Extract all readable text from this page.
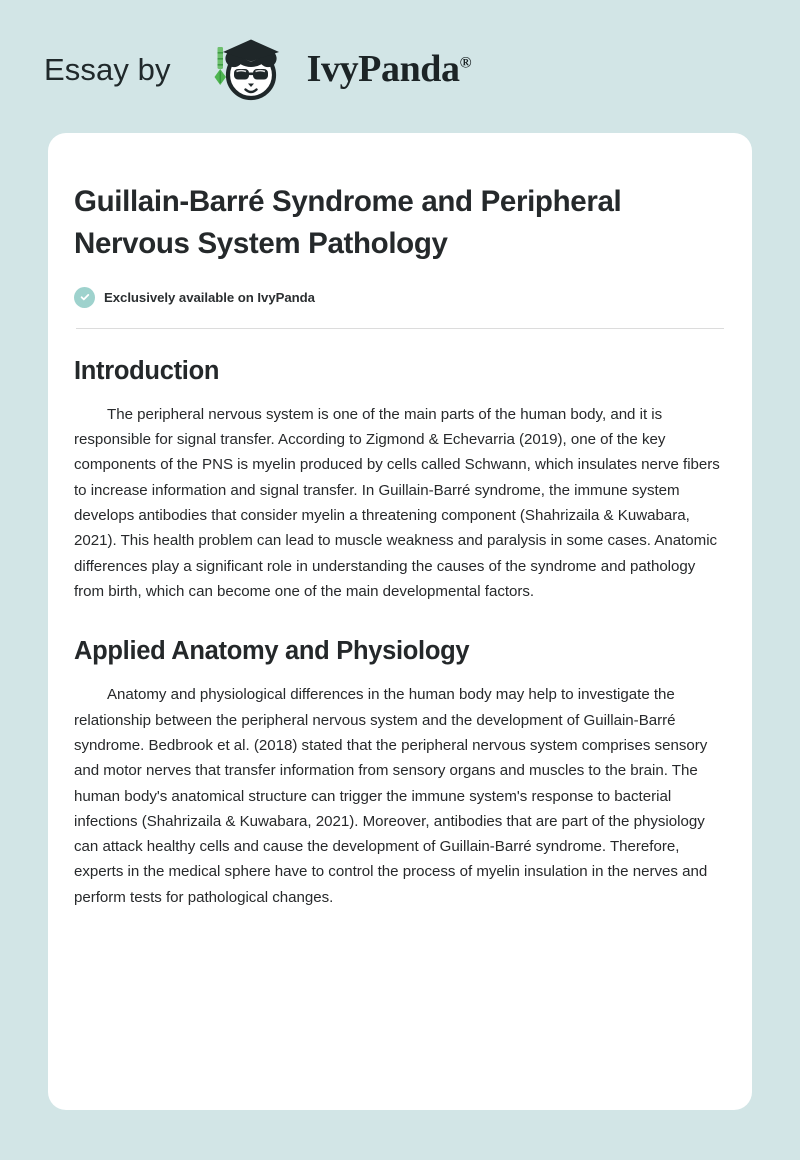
Essay by	IvyPanda®
Guillain-Barré Syndrome and Peripheral Nervous System Pathology
Exclusively available on IvyPanda
Introduction

The peripheral nervous system is one of the main parts of the human body, and it is responsible for signal transfer. According to Zigmond & Echevarria (2019), one of the key components of the PNS is myelin produced by cells called Schwann, which insulates nerve fibers to increase information and signal transfer. In Guillain-Barré syndrome, the immune system develops antibodies that consider myelin a threatening component (Shahrizaila & Kuwabara, 2021). This health problem can lead to muscle weakness and paralysis in some cases. Anatomic differences play a significant role in understanding the causes of the syndrome and pathology from birth, which can become one of the main developmental factors.

Applied Anatomy and Physiology

Anatomy and physiological differences in the human body may help to investigate the relationship between the peripheral nervous system and the development of Guillain-Barré syndrome. Bedbrook et al. (2018) stated that the peripheral nervous system comprises sensory and motor nerves that transfer information from sensory organs and muscles to the brain. The human body's anatomical structure can trigger the immune system's response to bacterial infections (Shahrizaila & Kuwabara, 2021). Moreover, antibodies that are part of the physiology can attack healthy cells and cause the development of Guillain-Barré syndrome. Therefore, experts in the medical sphere have to control the process of myelin insulation in the nerves and perform tests for pathological changes.
